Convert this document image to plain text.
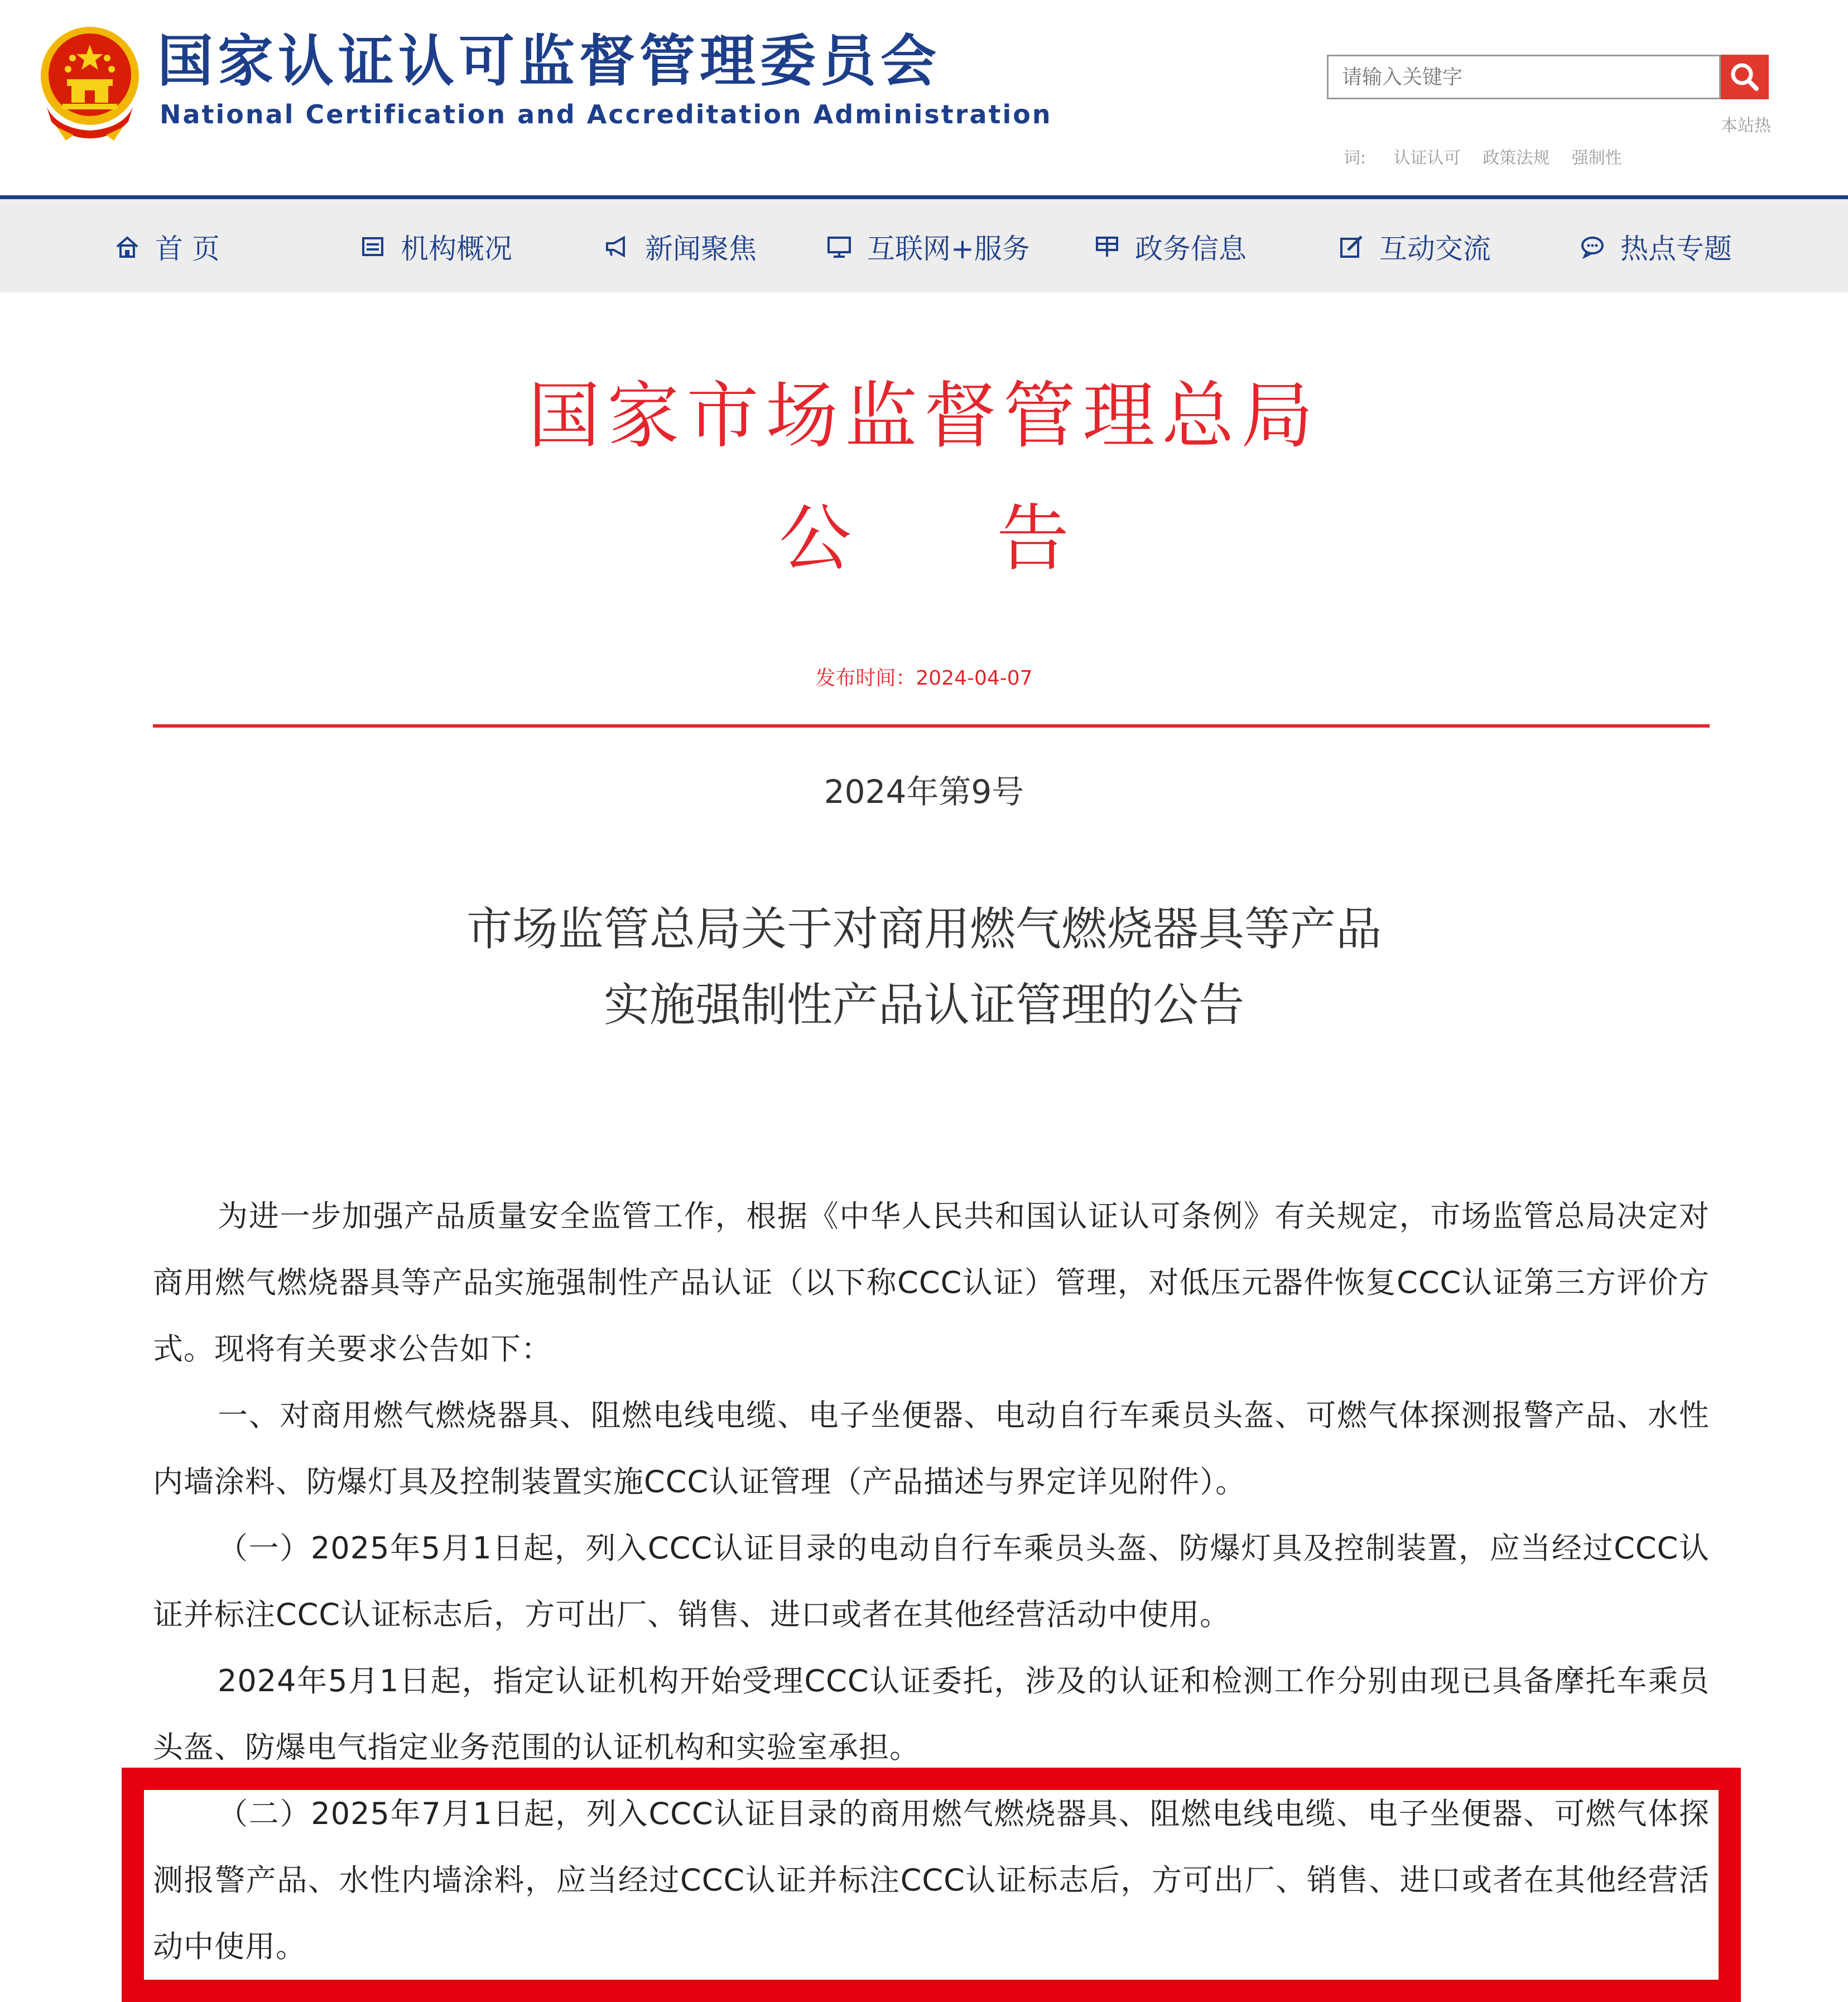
国家认证认可监督管理委员会
National Certification and Accreditation Administration
请输入关键字	本站热
词: 认证认可 政策法规 强制性
首 页	机构概况	新闻聚焦	互联网+服务	政务信息	互动交流	热点专题
国家市场监督管理总局
公告
发布时间：2024-04-07
2024年第9号
市场监管总局关于对商用燃气燃烧器具等产品
实施强制性产品认证管理的公告

为进一步加强产品质量安全监管工作，根据《中华人民共和国认证认可条例》有关规定，市场监管总局决定对商用燃气燃烧器具等产品实施强制性产品认证（以下称CCC认证）管理，对低压元器件恢复CCC认证第三方评价方式。现将有关要求公告如下：

一、对商用燃气燃烧器具、阻燃电线电缆、电子坐便器、电动自行车乘员头盔、可燃气体探测报警产品、水性内墙涂料、防爆灯具及控制装置实施CCC认证管理（产品描述与界定详见附件）。

（一）2025年5月1日起，列入CCC认证目录的电动自行车乘员头盔、防爆灯具及控制装置，应当经过CCC认证并标注CCC认证标志后，方可出厂、销售、进口或者在其他经营活动中使用。

2024年5月1日起，指定认证机构开始受理CCC认证委托，涉及的认证和检测工作分别由现已具备摩托车乘员头盔、防爆电气指定业务范围的认证机构和实验室承担。

（二）2025年7月1日起，列入CCC认证目录的商用燃气燃烧器具、阻燃电线电缆、电子坐便器、可燃气体探测报警产品、水性内墙涂料，应当经过CCC认证并标注CCC认证标志后，方可出厂、销售、进口或者在其他经营活动中使用。
